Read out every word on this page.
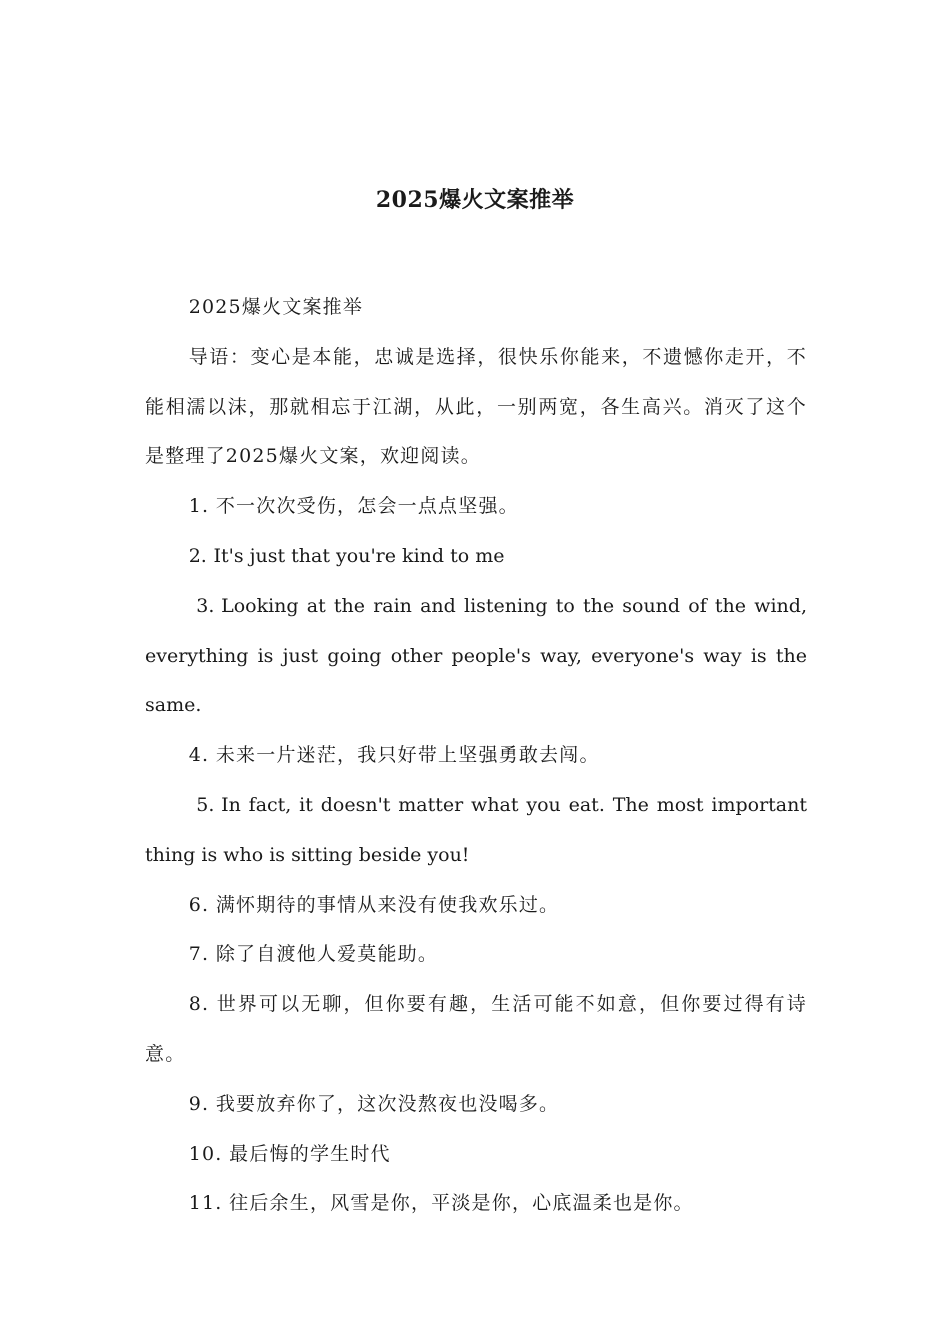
2025爆火文案推举

2025爆火文案推举

导语：变心是本能，忠诚是选择，很快乐你能来，不遗憾你走开，不能相濡以沫，那就相忘于江湖，从此，一别两宽，各生高兴。消灭了这个是整理了2025爆火文案，欢迎阅读。

1. 不一次次受伤，怎会一点点坚强。

2. It's just that you're kind to me

3. Looking at the rain and listening to the sound of the wind, everything is just going other people's way, everyone's way is the same.

4. 未来一片迷茫，我只好带上坚强勇敢去闯。

5. In fact, it doesn't matter what you eat. The most important thing is who is sitting beside you!

6. 满怀期待的事情从来没有使我欢乐过。

7. 除了自渡他人爱莫能助。

8. 世界可以无聊，但你要有趣，生活可能不如意，但你要过得有诗意。

9. 我要放弃你了，这次没熬夜也没喝多。

10. 最后悔的学生时代

11. 往后余生，风雪是你，平淡是你，心底温柔也是你。
